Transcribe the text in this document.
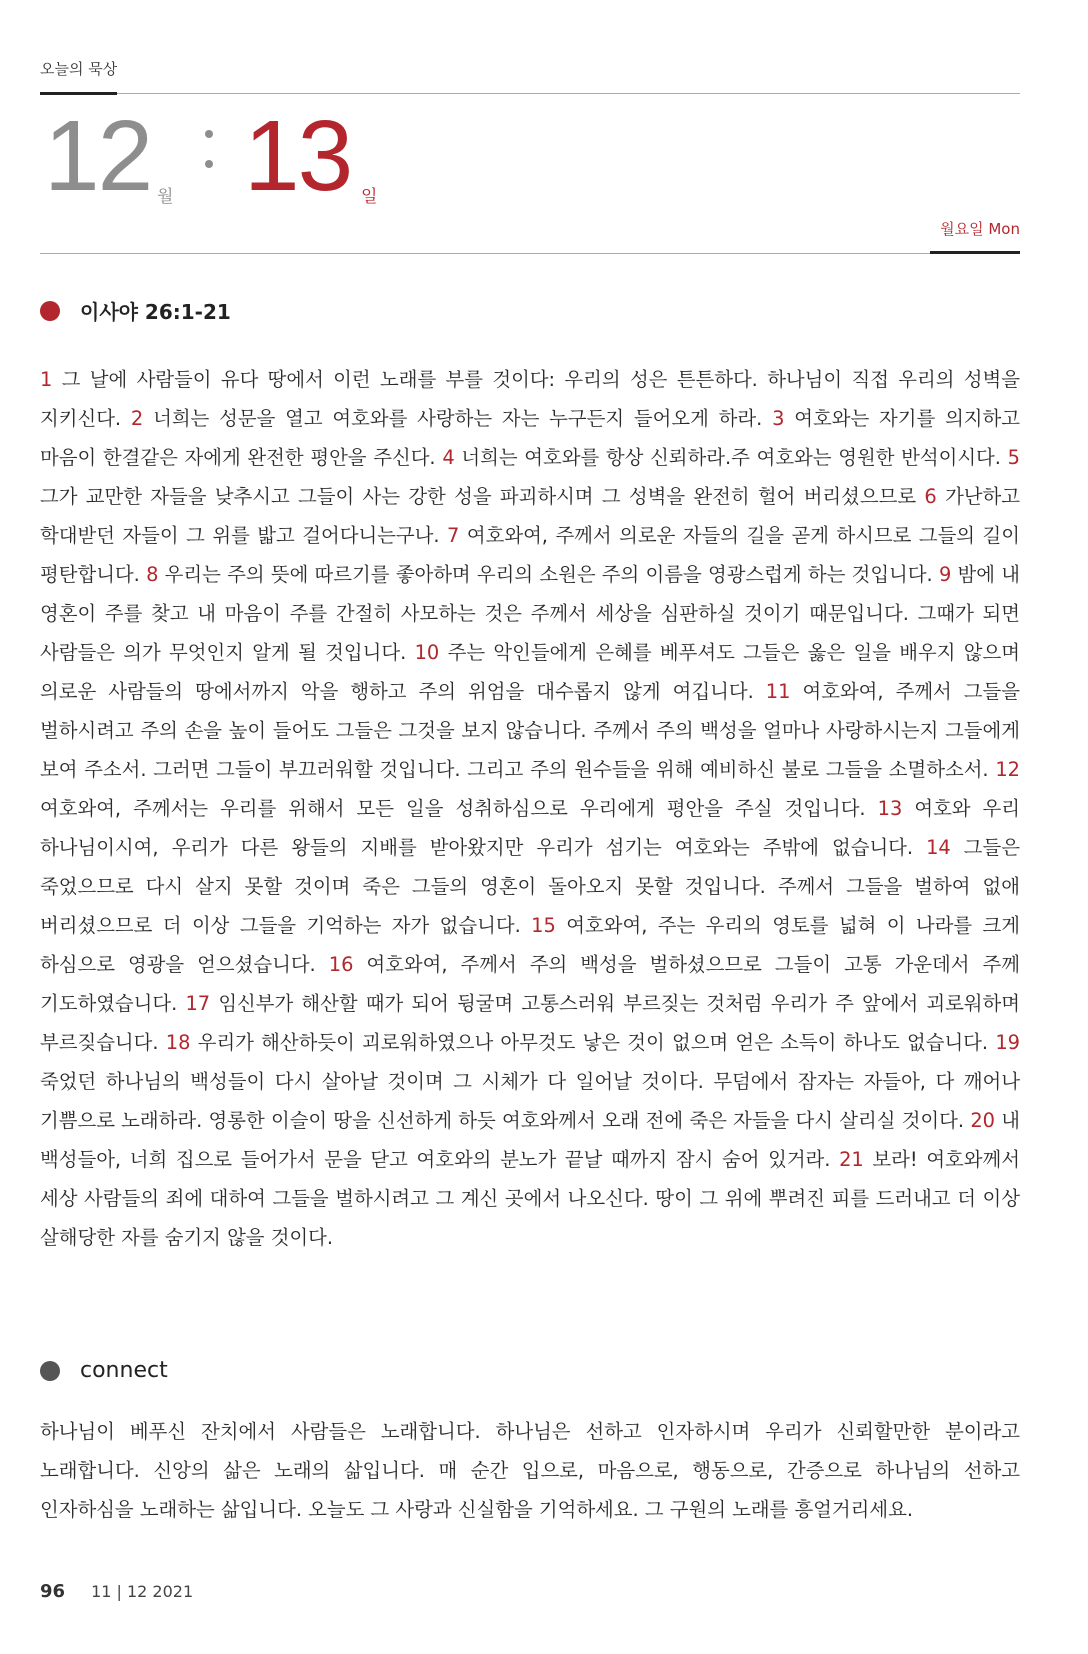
오늘의 묵상
12 월 13 일
월요일 Mon
이사야 26:1-21
1 그 날에 사람들이 유다 땅에서 이런 노래를 부를 것이다: 우리의 성은 튼튼하다. 하나님이 직접 우리의 성벽을 지키신다. 2 너희는 성문을 열고 여호와를 사랑하는 자는 누구든지 들어오게 하라. 3 여호와는 자기를 의지하고 마음이 한결같은 자에게 완전한 평안을 주신다. 4 너희는 여호와를 항상 신뢰하라.주 여호와는 영원한 반석이시다. 5 그가 교만한 자들을 낮추시고 그들이 사는 강한 성을 파괴하시며 그 성벽을 완전히 헐어 버리셨으므로 6 가난하고 학대받던 자들이 그 위를 밟고 걸어다니는구나. 7 여호와여, 주께서 의로운 자들의 길을 곧게 하시므로 그들의 길이 평탄합니다. 8 우리는 주의 뜻에 따르기를 좋아하며 우리의 소원은 주의 이름을 영광스럽게 하는 것입니다. 9 밤에 내 영혼이 주를 찾고 내 마음이 주를 간절히 사모하는 것은 주께서 세상을 심판하실 것이기 때문입니다. 그때가 되면 사람들은 의가 무엇인지 알게 될 것입니다. 10 주는 악인들에게 은혜를 베푸셔도 그들은 옳은 일을 배우지 않으며 의로운 사람들의 땅에서까지 악을 행하고 주의 위엄을 대수롭지 않게 여깁니다. 11 여호와여, 주께서 그들을 벌하시려고 주의 손을 높이 들어도 그들은 그것을 보지 않습니다. 주께서 주의 백성을 얼마나 사랑하시는지 그들에게 보여 주소서. 그러면 그들이 부끄러워할 것입니다. 그리고 주의 원수들을 위해 예비하신 불로 그들을 소멸하소서. 12 여호와여, 주께서는 우리를 위해서 모든 일을 성취하심으로 우리에게 평안을 주실 것입니다. 13 여호와 우리 하나님이시여, 우리가 다른 왕들의 지배를 받아왔지만 우리가 섬기는 여호와는 주밖에 없습니다. 14 그들은 죽었으므로 다시 살지 못할 것이며 죽은 그들의 영혼이 돌아오지 못할 것입니다. 주께서 그들을 벌하여 없애 버리셨으므로 더 이상 그들을 기억하는 자가 없습니다. 15 여호와여, 주는 우리의 영토를 넓혀 이 나라를 크게 하심으로 영광을 얻으셨습니다. 16 여호와여, 주께서 주의 백성을 벌하셨으므로 그들이 고통 가운데서 주께 기도하였습니다. 17 임신부가 해산할 때가 되어 뒹굴며 고통스러워 부르짖는 것처럼 우리가 주 앞에서 괴로워하며 부르짖습니다. 18 우리가 해산하듯이 괴로워하였으나 아무것도 낳은 것이 없으며 얻은 소득이 하나도 없습니다. 19 죽었던 하나님의 백성들이 다시 살아날 것이며 그 시체가 다 일어날 것이다. 무덤에서 잠자는 자들아, 다 깨어나 기쁨으로 노래하라. 영롱한 이슬이 땅을 신선하게 하듯 여호와께서 오래 전에 죽은 자들을 다시 살리실 것이다. 20 내 백성들아, 너희 집으로 들어가서 문을 닫고 여호와의 분노가 끝날 때까지 잠시 숨어 있거라. 21 보라! 여호와께서 세상 사람들의 죄에 대하여 그들을 벌하시려고 그 계신 곳에서 나오신다. 땅이 그 위에 뿌려진 피를 드러내고 더 이상 살해당한 자를 숨기지 않을 것이다.
connect
하나님이 베푸신 잔치에서 사람들은 노래합니다. 하나님은 선하고 인자하시며 우리가 신뢰할만한 분이라고 노래합니다. 신앙의 삶은 노래의 삶입니다. 매 순간 입으로, 마음으로, 행동으로, 간증으로 하나님의 선하고 인자하심을 노래하는 삶입니다. 오늘도 그 사랑과 신실함을 기억하세요. 그 구원의 노래를 흥얼거리세요.
96 11 | 12 2021
